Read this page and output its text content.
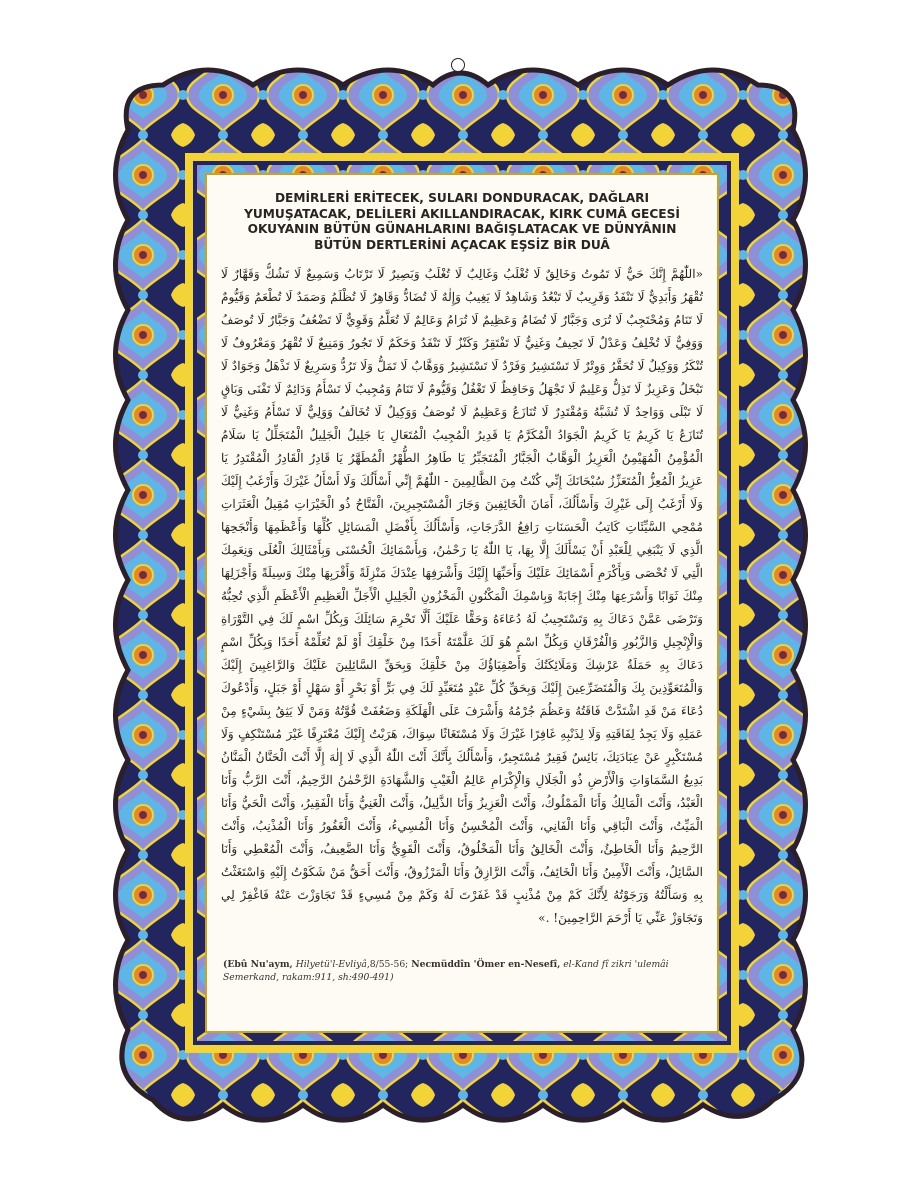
DEMİRLERİ ERİTECEK, SULARI DONDURACAK, DAĞLARI YUMUŞATACAK, DELİLERİ AKILLANDIRACAK, KIRK CUMÂ GECESİ OKUYANIN BÜTÜN GÜNAHLARINI BAĞIŞLATACAK VE DÜNYÂNIN BÜTÜN DERTLERİNİ AÇACAK EŞSİZ BİR DUÂ

«اللّٰهُمَّ إِنَّكَ حَيٌّ لَا تَمُوتُ وَخَالِقٌ لَا تُغْلَبُ وَغَالِبٌ لَا تُغْلَبُ وَبَصِيرٌ لَا تَرْتَابُ وَسَمِيعٌ لَا تَشُكُّ وَقَهَّارٌ لَا تُقْهَرُ وَأَبَدِيٌّ لَا تَنْفَدُ وَقَرِيبٌ لَا تَبْعُدُ وَشَاهِدٌ لَا يَغِيبُ وَإِلٰهٌ لَا تُضَادُّ وَقَاهِرٌ لَا تُظْلَمُ وَصَمَدٌ لَا تُطْعَمُ وَقَيُّومٌ لَا تَنَامُ وَمُحْتَجِبٌ لَا تُرَى وَجَبَّارٌ لَا تُضَامُ وَعَظِيمٌ لَا تُرَامُ وَعَالِمٌ لَا تُعَلَّمُ وَقَوِيٌّ لَا تَضْعُفُ وَجَبَّارٌ لَا تُوصَفُ وَوَفِيٌّ لَا تُخْلِفُ وَعَدْلٌ لَا تَحِيفُ وَغَنِيٌّ لَا تَفْتَقِرُ وَكَنْزٌ لَا تَنْفَدُ وَحَكَمٌ لَا تَجُورُ وَمَنِيعٌ لَا تُقْهَرُ وَمَعْرُوفٌ لَا تُنْكَرُ وَوَكِيلٌ لَا تُحَقَّرُ وَوِتْرٌ لَا تَسْتَشِيرُ وَفَرْدٌ لَا تَسْتَشِيرُ وَوَهَّابٌ لَا تَمَلُّ وَلَا تَرُدُّ وَسَرِيعٌ لَا تَذْهَلُ وَجَوَادٌ لَا تَبْخَلُ وَعَزِيزٌ لَا تَذِلُّ وَعَلِيمٌ لَا تَجْهَلُ وَحَافِظٌ لَا تَغْفُلُ وَقَيُّومٌ لَا تَنَامُ وَمُجِيبٌ لَا تَسْأَمُ وَدَائِمٌ لَا تَفْنَى وَبَاقٍ لَا تَبْلَى وَوَاحِدٌ لَا تُشَبَّهُ وَمُقْتَدِرٌ لَا تُنَازَعُ وَعَظِيمٌ لَا تُوصَفُ وَوَكِيلٌ لَا تُخَالَفُ وَوَلِيٌّ لَا تَسْأَمُ وَغَنِيٌّ لَا تُنَازَعُ يَا كَرِيمُ يَا كَرِيمُ الْجَوَادُ الْمُكَرَّمُ يَا قَدِيرُ الْمُجِيبُ الْمُتَعَالِ يَا جَلِيلُ الْجَلِيلُ الْمُتَجَلِّلُ يَا سَلَامُ الْمُؤْمِنُ الْمُهَيْمِنُ الْعَزِيزُ الْوَهَّابُ الْجَبَّارُ الْمُتَجَبِّرُ يَا طَاهِرُ الطُّهْرُ الْمُطَهَّرُ يَا قَادِرُ الْقَادِرُ الْمُقْتَدِرُ يَا عَزِيزُ الْمُعِزُّ الْمُتَعَزِّزُ سُبْحَانَكَ إِنِّي كُنْتُ مِنَ الظَّالِمِينَ - اللّٰهُمَّ إِنِّي أَسْأَلُكَ وَلَا أَسْأَلُ غَيْرَكَ وَأَرْغَبُ إِلَيْكَ وَلَا أَرْغَبُ إِلَى غَيْرِكَ وَأَسْأَلُكَ، أَمَانَ الْخَائِفِينَ وَجَارَ الْمُسْتَجِيرِينَ، الْفَتَّاحُ ذُو الْخَيْرَاتِ مُقِيلُ الْعَثَرَاتِ مُمْحِي السَّيِّئَاتِ كَاتِبُ الْحَسَنَاتِ رَافِعُ الدَّرَجَاتِ، وَأَسْأَلُكَ بِأَفْضَلِ الْمَسَائِلِ كُلِّهَا وَأَعْظَمِهَا وَأَنْجَحِهَا الَّذِي لَا يَنْبَغِي لِلْعَبْدِ أَنْ يَسْأَلَكَ إِلَّا بِهَا، يَا اللّٰهُ يَا رَحْمٰنُ، وَبِأَسْمَائِكَ الْحُسْنَى وَبِأَمْثَالِكَ الْعُلَى وَنِعَمِكَ الَّتِي لَا تُحْصَى وَبِأَكْرَمِ أَسْمَائِكَ عَلَيْكَ وَأَحَبِّهَا إِلَيْكَ وَأَشْرَفِهَا عِنْدَكَ مَنْزِلَةً وَأَقْرَبِهَا مِنْكَ وَسِيلَةً وَأَجْزَلِهَا مِنْكَ ثَوَابًا وَأَسْرَعِهَا مِنْكَ إِجَابَةً وَبِاسْمِكَ الْمَكْنُونِ الْمَخْزُونِ الْجَلِيلِ الْأَجَلِّ الْعَظِيمِ الْأَعْظَمِ الَّذِي تُحِبُّهُ وَتَرْضَى عَمَّنْ دَعَاكَ بِهِ وَتَسْتَجِيبُ لَهُ دُعَاءَهُ وَحَقًّا عَلَيْكَ أَلَّا تَحْرِمَ سَائِلَكَ وَبِكُلِّ اسْمٍ لَكَ فِي التَّوْرَاةِ وَالْإِنْجِيلِ وَالزَّبُورِ وَالْفُرْقَانِ وَبِكُلِّ اسْمٍ هُوَ لَكَ عَلَّمْتَهُ أَحَدًا مِنْ خَلْقِكَ أَوْ لَمْ تُعَلِّمْهُ أَحَدًا وَبِكُلِّ اسْمٍ دَعَاكَ بِهِ حَمَلَةُ عَرْشِكَ وَمَلَائِكَتُكَ وَأَصْفِيَاؤُكَ مِنْ خَلْقِكَ وَبِحَقِّ السَّائِلِينَ عَلَيْكَ وَالرَّاغِبِينَ إِلَيْكَ وَالْمُتَعَوِّذِينَ بِكَ وَالْمُتَضَرِّعِينَ إِلَيْكَ وَبِحَقِّ كُلِّ عَبْدٍ مُتَعَبِّدٍ لَكَ فِي بَرٍّ أَوْ بَحْرٍ أَوْ سَهْلٍ أَوْ جَبَلٍ، وَأَدْعُوكَ دُعَاءَ مَنْ قَدِ اشْتَدَّتْ فَاقَتُهُ وَعَظُمَ جُرْمُهُ وَأَشْرَفَ عَلَى الْهَلَكَةِ وَضَعُفَتْ قُوَّتُهُ وَمَنْ لَا يَثِقُ بِشَيْءٍ مِنْ عَمَلِهِ وَلَا يَجِدُ لِفَاقَتِهِ وَلَا لِذَنْبِهِ غَافِرًا غَيْرَكَ وَلَا مُسْتَغَاثًا سِوَاكَ، هَرَبْتُ إِلَيْكَ مُعْتَرِفًا غَيْرَ مُسْتَنْكِفٍ وَلَا مُسْتَكْبِرٍ عَنْ عِبَادَتِكَ، بَائِسٌ فَقِيرٌ مُسْتَجِيرٌ، وَأَسْأَلُكَ بِأَنَّكَ أَنْتَ اللّٰهُ الَّذِي لَا إِلٰهَ إِلَّا أَنْتَ الْحَنَّانُ الْمَنَّانُ بَدِيعُ السَّمَاوَاتِ وَالْأَرْضِ ذُو الْجَلَالِ وَالْإِكْرَامِ عَالِمُ الْغَيْبِ وَالشَّهَادَةِ الرَّحْمٰنُ الرَّحِيمُ، أَنْتَ الرَّبُّ وَأَنَا الْعَبْدُ، وَأَنْتَ الْمَالِكُ وَأَنَا الْمَمْلُوكُ، وَأَنْتَ الْعَزِيزُ وَأَنَا الذَّلِيلُ، وَأَنْتَ الْغَنِيُّ وَأَنَا الْفَقِيرُ، وَأَنْتَ الْحَيُّ وَأَنَا الْمَيِّتُ، وَأَنْتَ الْبَاقِي وَأَنَا الْفَانِي، وَأَنْتَ الْمُحْسِنُ وَأَنَا الْمُسِيءُ، وَأَنْتَ الْغَفُورُ وَأَنَا الْمُذْنِبُ، وَأَنْتَ الرَّحِيمُ وَأَنَا الْخَاطِئُ، وَأَنْتَ الْخَالِقُ وَأَنَا الْمَخْلُوقُ، وَأَنْتَ الْقَوِيُّ وَأَنَا الضَّعِيفُ، وَأَنْتَ الْمُعْطِي وَأَنَا السَّائِلُ، وَأَنْتَ الْأَمِينُ وَأَنَا الْخَائِفُ، وَأَنْتَ الرَّازِقُ وَأَنَا الْمَرْزُوقُ، وَأَنْتَ أَحَقُّ مَنْ شَكَوْتُ إِلَيْهِ وَاسْتَغَثْتُ بِهِ وَسَأَلْتُهُ وَرَجَوْتُهُ لِأَنَّكَ كَمْ مِنْ مُذْنِبٍ قَدْ غَفَرْتَ لَهُ وَكَمْ مِنْ مُسِيءٍ قَدْ تَجَاوَزْتَ عَنْهُ فَاغْفِرْ لِي وَتَجَاوَزْ عَنِّي يَا أَرْحَمَ الرَّاحِمِينَ! .»

(Ebû Nu'aym, Hilyetü'l-Evliyâ,8/55-56; Necmüddîn 'Ömer en-Nesefî, el-Kand fî zikri 'ulemâi Semerkand, rakam:911, sh:490-491)
